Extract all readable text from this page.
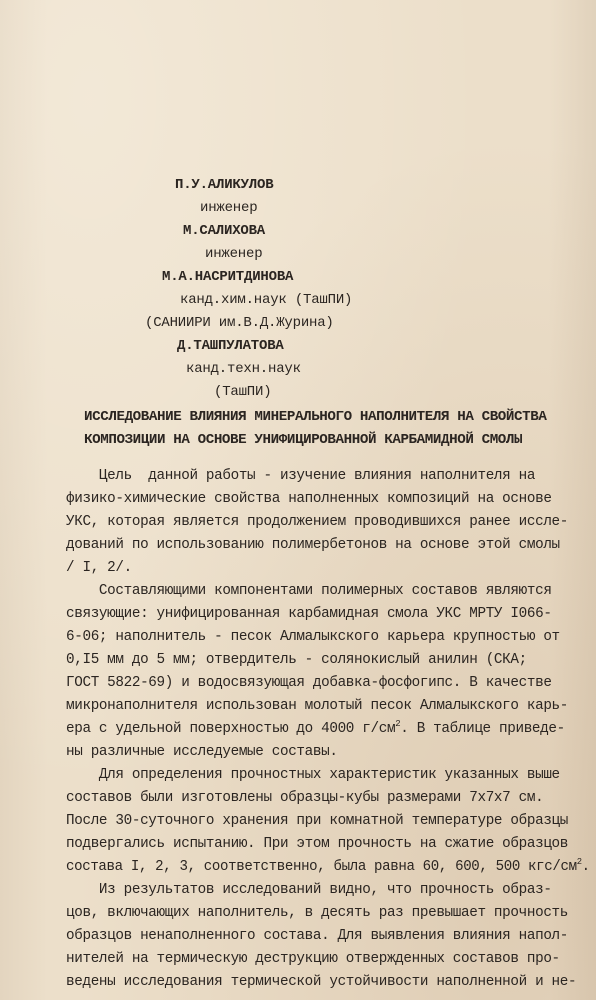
П.У.АЛИКУЛОВ
инженер
М.САЛИХОВА
инженер
М.А.НАСРИТДИНОВА
канд.хим.наук (ТашПИ)
(САНИИРИ им.В.Д.Журина)
Д.ТАШПУЛАТОВА
канд.техн.наук
(ТашПИ)
ИССЛЕДОВАНИЕ ВЛИЯНИЯ МИНЕРАЛЬНОГО НАПОЛНИТЕЛЯ НА СВОЙСТВА
КОМПОЗИЦИИ НА ОСНОВЕ УНИФИЦИРОВАННОЙ КАРБАМИДНОЙ СМОЛЫ
Цель  данной работы - изучение влияния наполнителя на
физико-химические свойства наполненных композиций на основе
УКС, которая является продолжением проводившихся ранее иссле-
дований по использованию полимербетонов на основе этой смолы
/ I, 2/.
Составляющими компонентами полимерных составов являются
связующие: унифицированная карбамидная смола УКС МРТУ I066-
6-06; наполнитель - песок Алмалыкского карьера крупностью от
0,I5 мм до 5 мм; отвердитель - солянокислый анилин (СКА;
ГОСТ 5822-69) и водосвязующая добавка-фосфогипс. В качестве
микронаполнителя использован молотый песок Алмалыкского карь-
ера с удельной поверхностью до 4000 $г/см^2$. В таблице приведе-
ны различные исследуемые составы.
Для определения прочностных характеристик указанных выше
составов были изготовлены образцы-кубы размерами 7х7х7 см.
После 30-суточного хранения при комнатной температуре образцы
подвергались испытанию. При этом прочность на сжатие образцов
состава I, 2, 3, соответственно, была равна 60, 600, 500 кгс/$см^2$.
Из результатов исследований видно, что прочность образ-
цов, включающих наполнитель, в десять раз превышает прочность
образцов ненаполненного состава. Для выявления влияния напол-
нителей на термическую деструкцию отвержденных составов про-
ведены исследования термической устойчивости наполненной и не-
